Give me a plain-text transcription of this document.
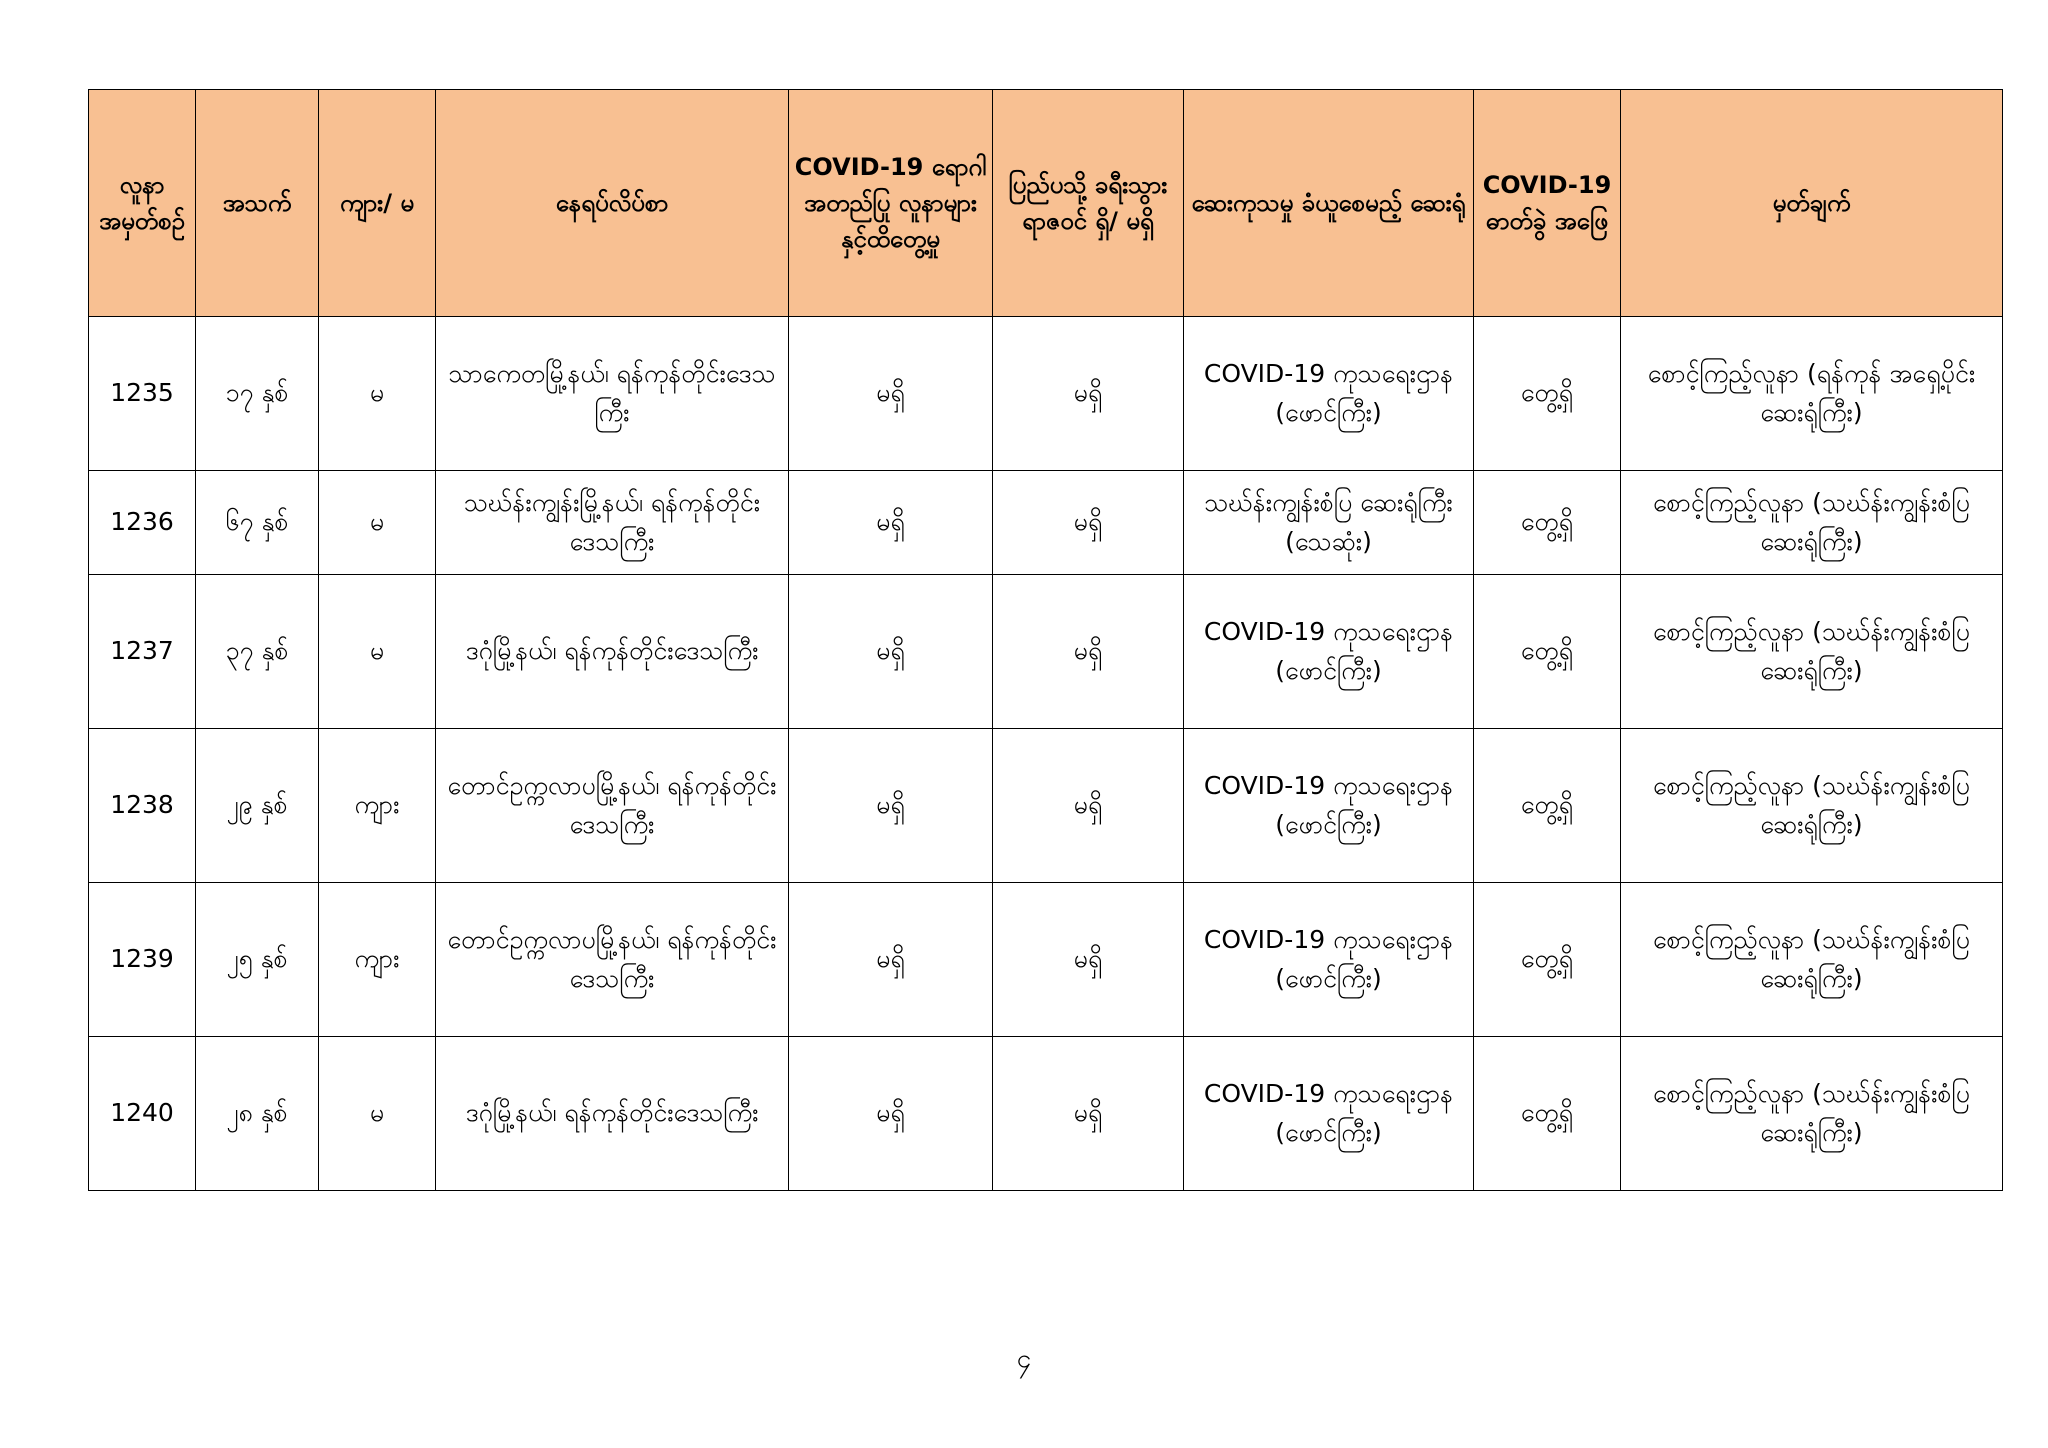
လူနာ အမှတ်စဉ်	အသက်	ကျား/ မ	နေရပ်လိပ်စာ	COVID-19 ရောဂါအတည်ပြု လူနာများနှင့်ထိတွေ့မှု	ပြည်ပသို့ ခရီးသွား ရာဇဝင် ရှိ/ မရှိ	ဆေးကုသမှု ခံယူစေမည့် ဆေးရုံ	COVID-19 ဓာတ်ခွဲ အဖြေ	မှတ်ချက်
1235	၁၇ နှစ်	မ	သာကေတမြို့နယ်၊ ရန်ကုန်တိုင်းဒေသကြီး	မရှိ	မရှိ	COVID-19 ကုသရေးဌာန (ဖောင်ကြီး)	တွေ့ရှိ	စောင့်ကြည့်လူနာ (ရန်ကုန် အရှေ့ပိုင်းဆေးရုံကြီး)
1236	၆၇ နှစ်	မ	သဃ်န်းကျွန်းမြို့နယ်၊ ရန်ကုန်တိုင်းဒေသကြီး	မရှိ	မရှိ	သဃ်န်းကျွန်းစံပြ ဆေးရုံကြီး (သေဆုံး)	တွေ့ရှိ	စောင့်ကြည့်လူနာ (သဃ်န်းကျွန်းစံပြဆေးရုံကြီး)
1237	၃၇ နှစ်	မ	ဒဂုံမြို့နယ်၊ ရန်ကုန်တိုင်းဒေသကြီး	မရှိ	မရှိ	COVID-19 ကုသရေးဌာန (ဖောင်ကြီး)	တွေ့ရှိ	စောင့်ကြည့်လူနာ (သဃ်န်းကျွန်းစံပြဆေးရုံကြီး)
1238	၂၉ နှစ်	ကျား	တောင်ဥက္ကလာပမြို့နယ်၊ ရန်ကုန်တိုင်းဒေသကြီး	မရှိ	မရှိ	COVID-19 ကုသရေးဌာန (ဖောင်ကြီး)	တွေ့ရှိ	စောင့်ကြည့်လူနာ (သဃ်န်းကျွန်းစံပြဆေးရုံကြီး)
1239	၂၅ နှစ်	ကျား	တောင်ဥက္ကလာပမြို့နယ်၊ ရန်ကုန်တိုင်းဒေသကြီး	မရှိ	မရှိ	COVID-19 ကုသရေးဌာန (ဖောင်ကြီး)	တွေ့ရှိ	စောင့်ကြည့်လူနာ (သဃ်န်းကျွန်းစံပြဆေးရုံကြီး)
1240	၂၈ နှစ်	မ	ဒဂုံမြို့နယ်၊ ရန်ကုန်တိုင်းဒေသကြီး	မရှိ	မရှိ	COVID-19 ကုသရေးဌာန (ဖောင်ကြီး)	တွေ့ရှိ	စောင့်ကြည့်လူနာ (သဃ်န်းကျွန်းစံပြဆေးရုံကြီး)
၄
